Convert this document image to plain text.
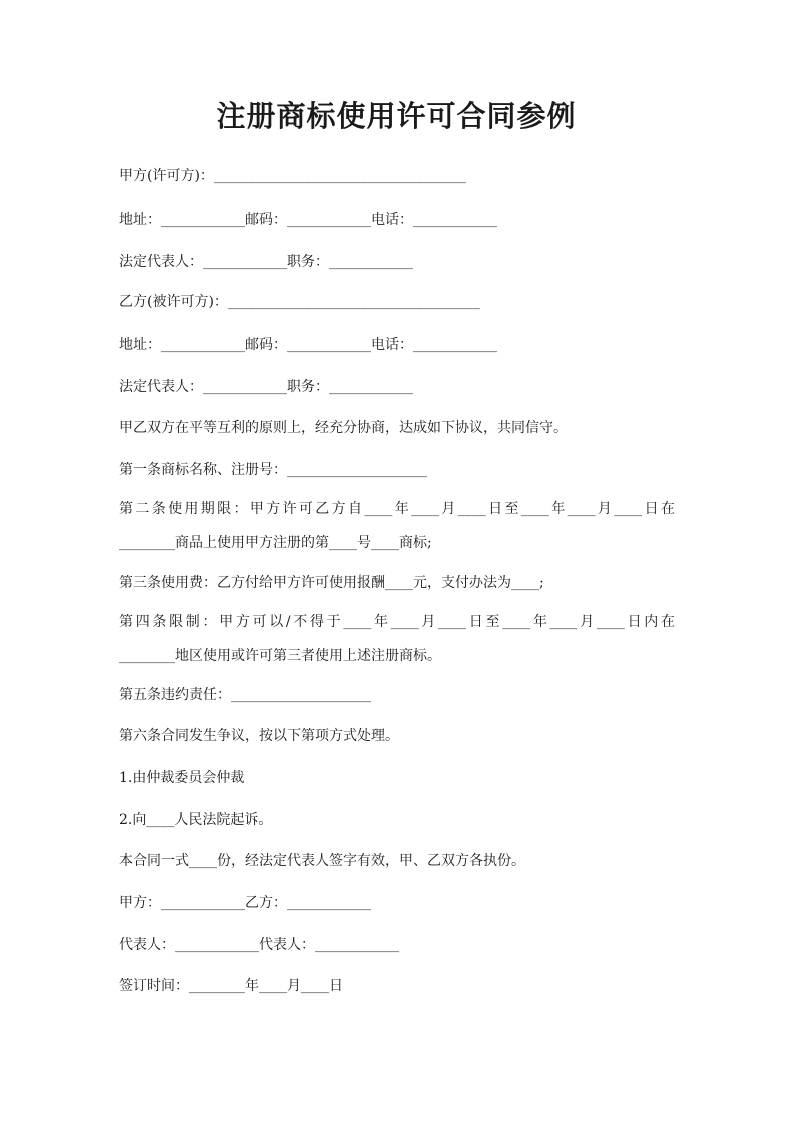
注册商标使用许可合同参例
甲方(许可方)：____________________________________
地址：____________邮码：____________电话：____________
法定代表人：____________职务：____________
乙方(被许可方)：____________________________________
地址：____________邮码：____________电话：____________
法定代表人：____________职务：____________
甲乙双方在平等互利的原则上，经充分协商，达成如下协议，共同信守。
第一条商标名称、注册号：____________________
第二条使用期限：甲方许可乙方自____年____月____日至____年____月____日在
________商品上使用甲方注册的第____号____商标;
第三条使用费：乙方付给甲方许可使用报酬____元，支付办法为____;
第四条限制：甲方可以/不得于____年____月____日至____年____月____日内在
________地区使用或许可第三者使用上述注册商标。
第五条违约责任：____________________
第六条合同发生争议，按以下第项方式处理。
1.由仲裁委员会仲裁
2.向____人民法院起诉。
本合同一式____份，经法定代表人签字有效，甲、乙双方各执份。
甲方：____________乙方：____________
代表人：____________代表人：____________
签订时间：________年____月____日
